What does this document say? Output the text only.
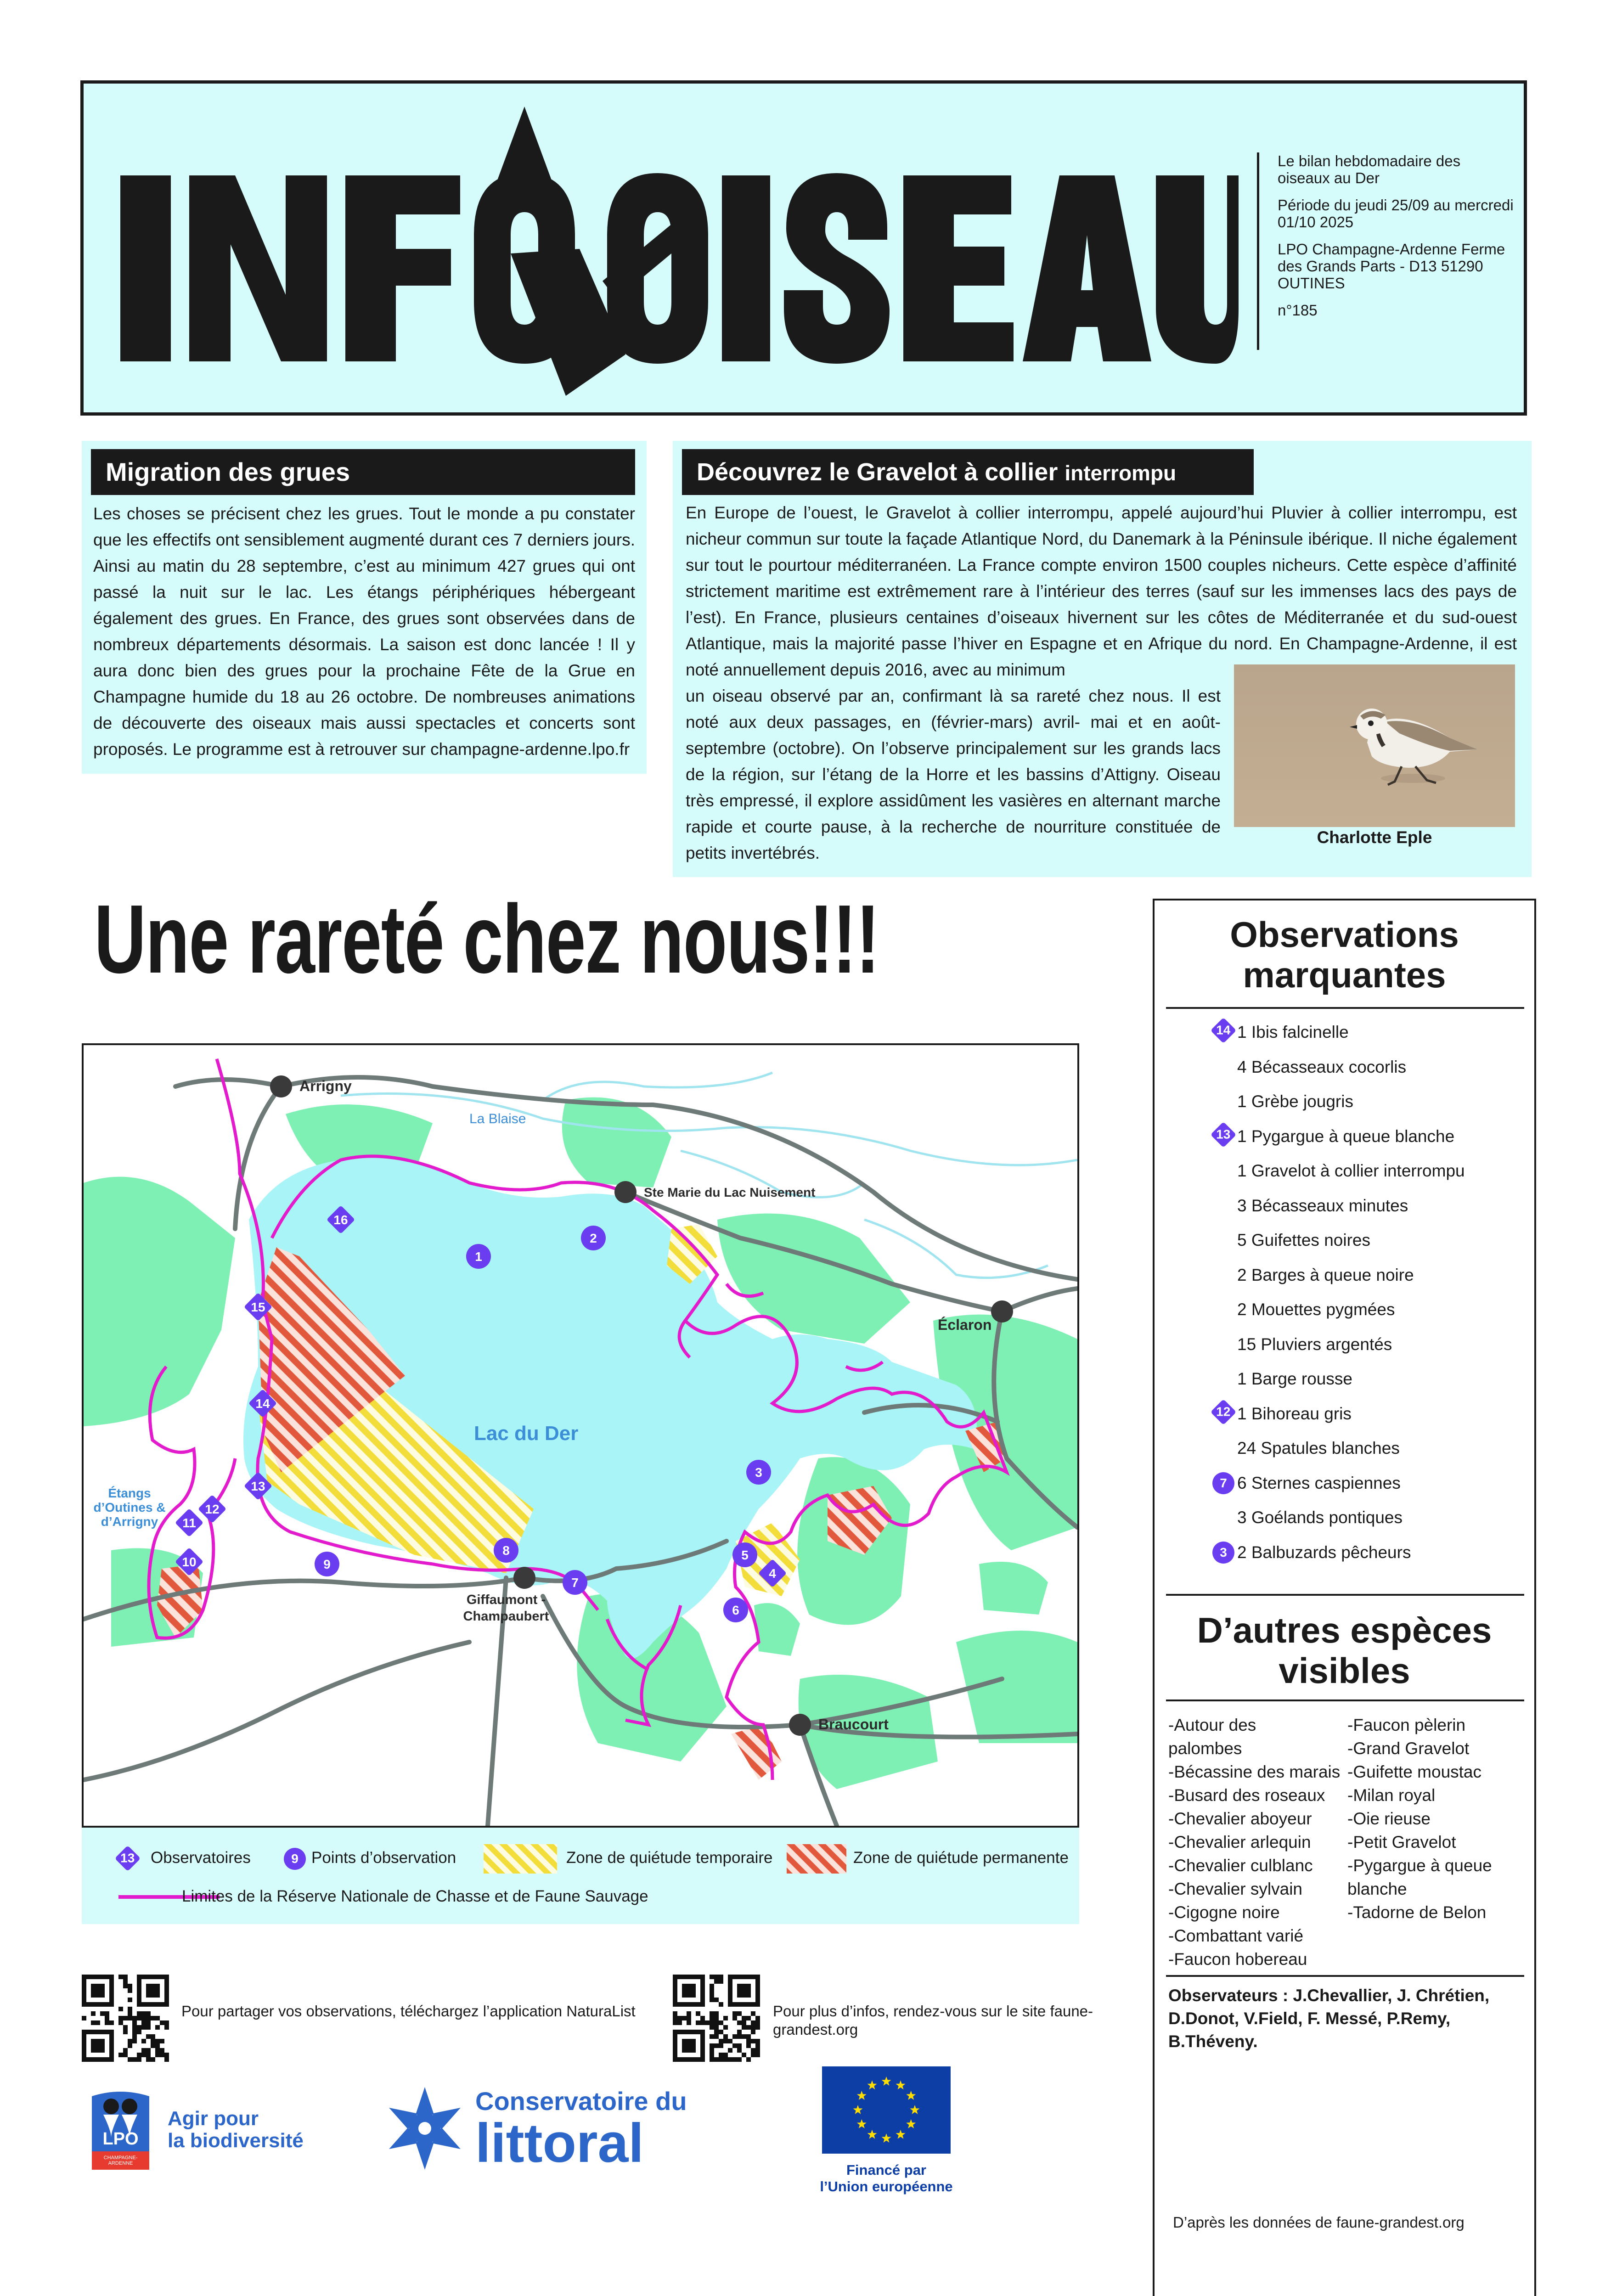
Le bilan hebdomadaire des oiseaux au Der

Période du jeudi 25/09 au mercredi 01/10 2025

LPO Champagne-Ardenne Ferme des Grands Parts - D13 51290 OUTINES

n°185

Migration des grues
Les choses se précisent chez les grues. Tout le monde a pu constater que les effectifs ont sensiblement augmenté durant ces 7 derniers jours. Ainsi au matin du 28 septembre, c’est au minimum 427 grues qui ont passé la nuit sur le lac. Les étangs périphériques hébergeant également des grues. En France, des grues sont observées dans de nombreux départements désormais. La saison est donc lancée ! Il y aura donc bien des grues pour la prochaine Fête de la Grue en Champagne humide du 18 au 26 octobre. De nombreuses animations de découverte des oiseaux mais aussi spectacles et concerts sont proposés. Le programme est à retrouver sur champagne-ardenne.lpo.fr
Découvrez le Gravelot à collier interrompu
En Europe de l’ouest, le Gravelot à collier interrompu, appelé aujourd’hui Pluvier à collier interrompu, est nicheur commun sur toute la façade Atlantique Nord, du Danemark à la Péninsule ibérique. Il niche également sur tout le pourtour méditerranéen. La France compte environ 1500 couples nicheurs. Cette espèce d’affinité strictement maritime est extrêmement rare à l’intérieur des terres (sauf sur les immenses lacs des pays de l’est). En France, plusieurs centaines d’oiseaux hivernent sur les côtes de Méditerranée et du sud-ouest Atlantique, mais la majorité passe l’hiver en Espagne et en Afrique du nord. En Champagne-Ardenne, il est noté annuellement depuis 2016, avec au minimum
un oiseau observé par an, confirmant là sa rareté chez nous. Il est noté aux deux passages, en (février-mars) avril- mai et en août-septembre (octobre). On l’observe principalement sur les grands lacs de la région, sur l’étang de la Horre et les bassins d’Attigny. Oiseau très empressé, il explore assidûment les vasières en alternant marche rapide et courte pause, à la recherche de nourriture constituée de petits invertébrés.
Charlotte Eple
Une rareté chez nous!!!
Arrigny
Ste Marie du Lac Nuisement
Éclaron
Braucourt
La Blaise
Lac du Der
Étangs d’Outines & d’Arrigny
Giffaumont - Champaubert
10
11
12
13
14
15
16
4
1
2
3
5
6
7
8
9
13 Observatoires	9 Points d’observation	Zone de quiétude temporaire	Zone de quiétude permanente
Limites de la Réserve Nationale de Chasse et de Faune Sauvage
Observations marquantes
1 Ibis falcinelle
14
4 Bécasseaux cocorlis
1 Grèbe jougris
1 Pygargue à queue blanche
13
1 Gravelot à collier interrompu
3 Bécasseaux minutes
5 Guifettes noires
2 Barges à queue noire
2 Mouettes pygmées
15 Pluviers argentés
1 Barge rousse
1 Bihoreau gris
12
24 Spatules blanches
6 Sternes caspiennes
7
3 Goélands pontiques
2 Balbuzards pêcheurs
3
D’autres espèces visibles
-Autour des
palombes
-Bécassine des marais
-Busard des roseaux
-Chevalier aboyeur
-Chevalier arlequin
-Chevalier culblanc
-Chevalier sylvain
-Cigogne noire
-Combattant varié
-Faucon hobereau
-Faucon pèlerin
-Grand Gravelot
-Guifette moustac
-Milan royal
-Oie rieuse
-Petit Gravelot
-Pygargue à queue
blanche
-Tadorne de Belon
Observateurs : J.Chevallier, J. Chrétien, D.Donot, V.Field, F. Messé, P.Remy, B.Théveny.
D’après les données de faune-grandest.org
Pour partager vos observations, téléchargez l’application NaturaList	Pour plus d’infos, rendez-vous sur le site faune-grandest.org
LPO
CHAMPAGNE-ARDENNE
Agir pour
la biodiversité
Conservatoire du
littoral	Financé par
l’Union européenne
